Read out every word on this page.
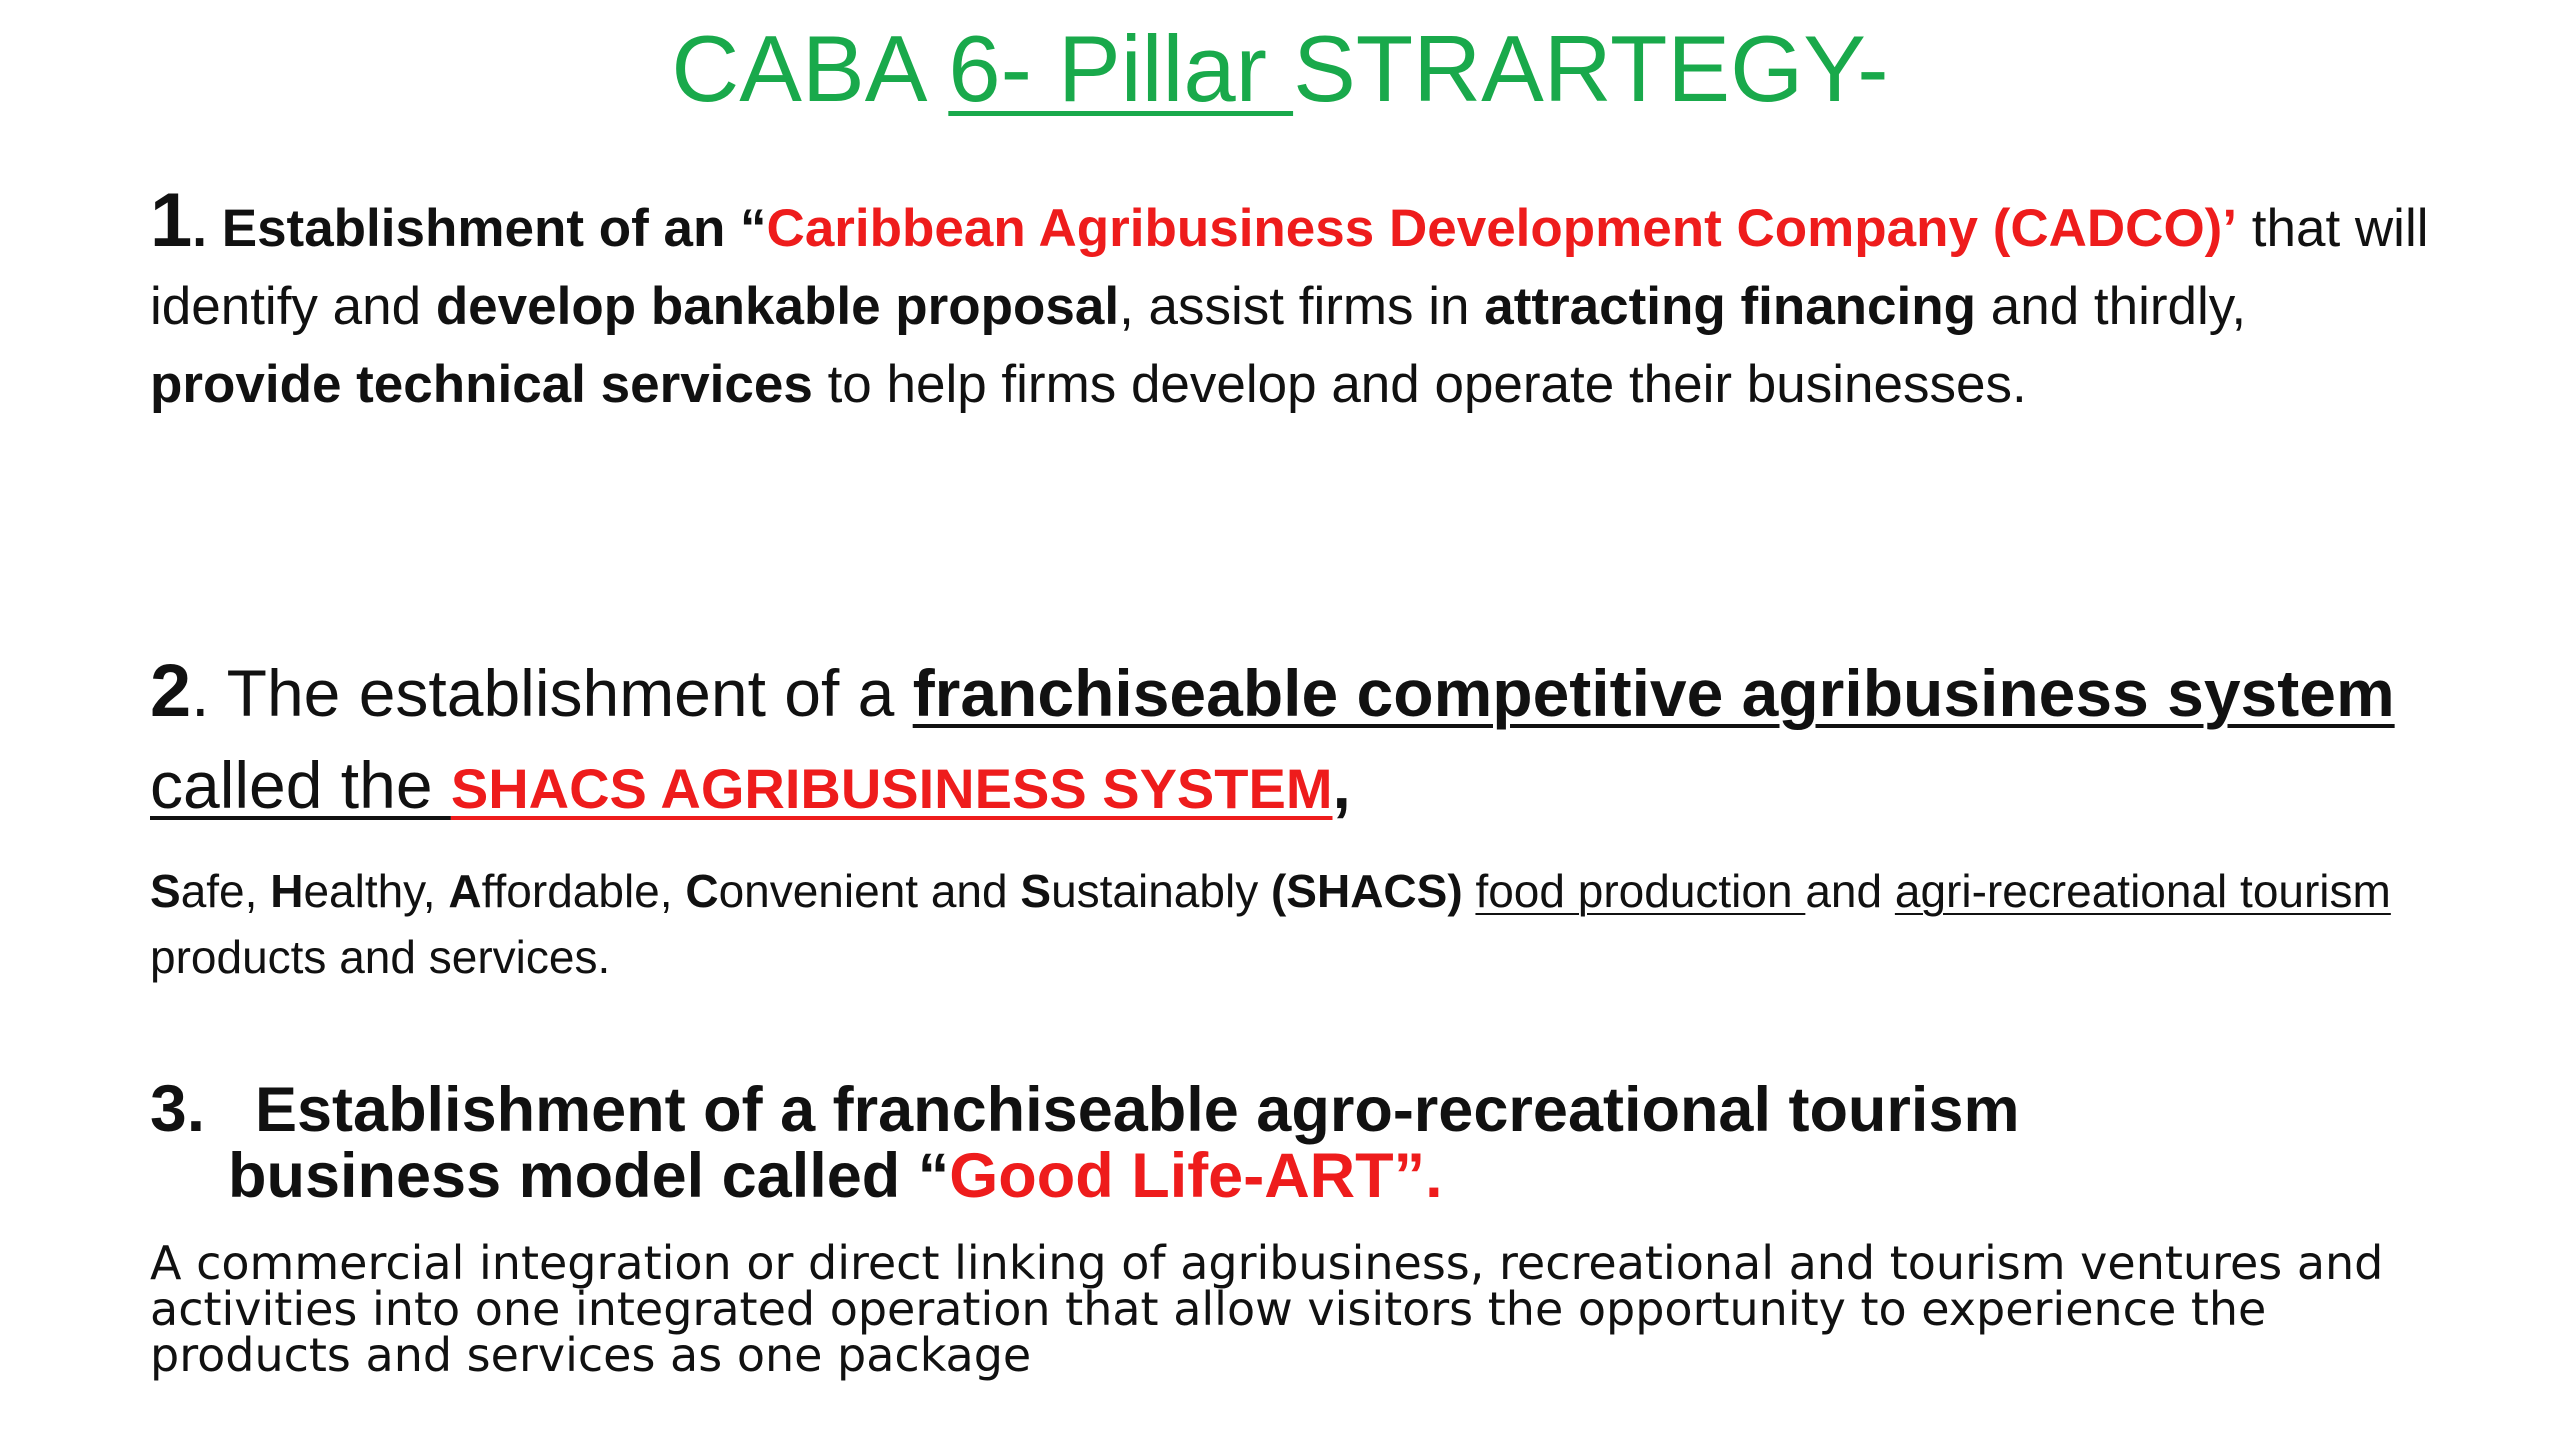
CABA 6- Pillar STRARTEGY-
1. Establishment of an “Caribbean Agribusiness Development Company (CADCO)’ that will identify and develop bankable proposal, assist firms in attracting financing and thirdly, provide technical services to help firms develop and operate their businesses.
2. The establishment of a franchiseable competitive agribusiness system called the SHACS AGRIBUSINESS SYSTEM,
Safe, Healthy, Affordable, Convenient and Sustainably (SHACS) food production and agri-recreational tourism products and services.
3. Establishment of a franchiseable agro-recreational tourism
business model called “Good Life-ART”.
A commercial integration or direct linking of agribusiness, recreational and tourism ventures and activities into one integrated operation that allow visitors the opportunity to experience the products and services as one package
